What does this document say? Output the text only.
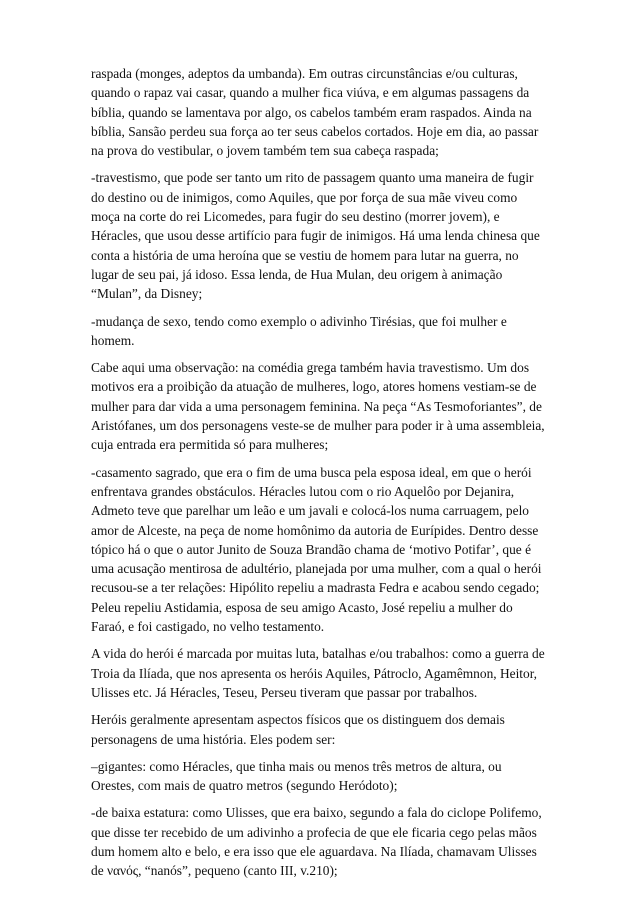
raspada (monges, adeptos da umbanda). Em outras circunstâncias e/ou culturas, quando o rapaz vai casar, quando a mulher fica viúva, e em algumas passagens da bíblia, quando se lamentava por algo, os cabelos também eram raspados. Ainda na bíblia, Sansão perdeu sua força ao ter seus cabelos cortados. Hoje em dia, ao passar na prova do vestibular, o jovem também tem sua cabeça raspada;

-travestismo, que pode ser tanto um rito de passagem quanto uma maneira de fugir do destino ou de inimigos, como Aquiles, que por força de sua mãe viveu como moça na corte do rei Licomedes, para fugir do seu destino (morrer jovem), e Héracles, que usou desse artifício para fugir de inimigos. Há uma lenda chinesa que conta a história de uma heroína que se vestiu de homem para lutar na guerra, no lugar de seu pai, já idoso. Essa lenda, de Hua Mulan, deu origem à animação “Mulan”, da Disney;

-mudança de sexo, tendo como exemplo o adivinho Tirésias, que foi mulher e homem.

Cabe aqui uma observação: na comédia grega também havia travestismo. Um dos motivos era a proibição da atuação de mulheres, logo, atores homens vestiam-se de mulher para dar vida a uma personagem feminina. Na peça “As Tesmoforiantes”, de Aristófanes, um dos personagens veste-se de mulher para poder ir à uma assembleia, cuja entrada era permitida só para mulheres;

-casamento sagrado, que era o fim de uma busca pela esposa ideal, em que o herói enfrentava grandes obstáculos. Héracles lutou com o rio Aquelôo por Dejanira, Admeto teve que parelhar um leão e um javali e colocá-los numa carruagem, pelo amor de Alceste, na peça de nome homônimo da autoria de Eurípides. Dentro desse tópico há o que o autor Junito de Souza Brandão chama de ‘motivo Potifar’, que é uma acusação mentirosa de adultério, planejada por uma mulher, com a qual o herói recusou-se a ter relações: Hipólito repeliu a madrasta Fedra e acabou sendo cegado; Peleu repeliu Astidamia, esposa de seu amigo Acasto, José repeliu a mulher do Faraó, e foi castigado, no velho testamento.

A vida do herói é marcada por muitas luta, batalhas e/ou trabalhos: como a guerra de Troia da Ilíada, que nos apresenta os heróis Aquiles, Pátroclo, Agamêmnon, Heitor, Ulisses etc. Já Héracles, Teseu, Perseu tiveram que passar por trabalhos.

Heróis geralmente apresentam aspectos físicos que os distinguem dos demais personagens de uma história. Eles podem ser:

–gigantes: como Héracles, que tinha mais ou menos três metros de altura, ou Orestes, com mais de quatro metros (segundo Heródoto);

-de baixa estatura: como Ulisses, que era baixo, segundo a fala do ciclope Polifemo, que disse ter recebido de um adivinho a profecia de que ele ficaria cego pelas mãos dum homem alto e belo, e era isso que ele aguardava. Na Ilíada, chamavam Ulisses de νανός, “nanós”, pequeno (canto III, v.210);
